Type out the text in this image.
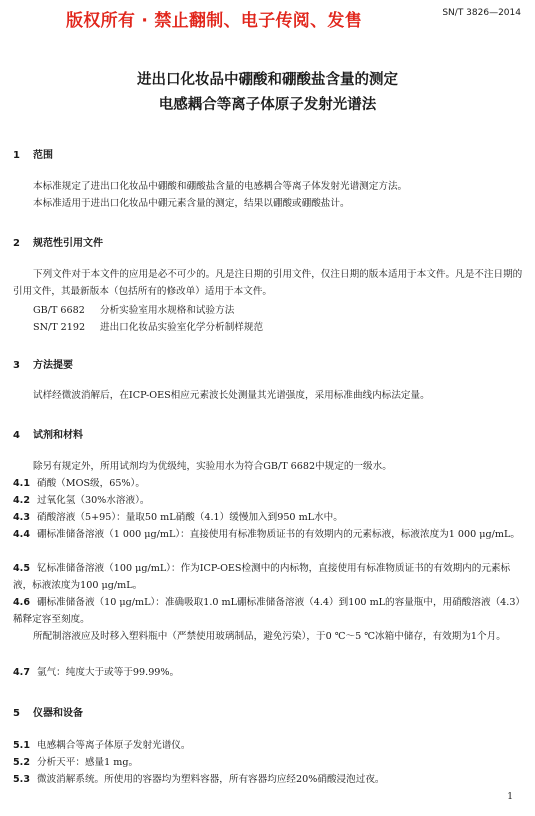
版权所有 · 禁止翻制、电子传阅、发售	SN/T 3826—2014
进出口化妆品中硼酸和硼酸盐含量的测定
电感耦合等离子体原子发射光谱法
1 范围
本标准规定了进出口化妆品中硼酸和硼酸盐含量的电感耦合等离子体发射光谱测定方法。
本标准适用于进出口化妆品中硼元素含量的测定，结果以硼酸或硼酸盐计。
2 规范性引用文件
下列文件对于本文件的应用是必不可少的。凡是注日期的引用文件，仅注日期的版本适用于本文件。凡是不注日期的引用文件，其最新版本（包括所有的修改单）适用于本文件。
GB/T 6682 分析实验室用水规格和试验方法
SN/T 2192 进出口化妆品实验室化学分析制样规范
3 方法提要
试样经微波消解后，在ICP-OES相应元素波长处测量其光谱强度，采用标准曲线内标法定量。
4 试剂和材料
除另有规定外，所用试剂均为优级纯，实验用水为符合GB/T 6682中规定的一级水。
4.1 硝酸（MOS级，65%）。
4.2 过氧化氢（30%水溶液）。
4.3 硝酸溶液（5+95）：量取50 mL硝酸（4.1）缓慢加入到950 mL水中。
4.4 硼标准储备溶液（1 000 μg/mL）：直接使用有标准物质证书的有效期内的元素标液，标液浓度为1 000 μg/mL。
4.5 钇标准储备溶液（100 μg/mL）：作为ICP-OES检测中的内标物，直接使用有标准物质证书的有效期内的元素标液，标液浓度为100 μg/mL。
4.6 硼标准储备液（10 μg/mL）：准确吸取1.0 mL硼标准储备溶液（4.4）到100 mL的容量瓶中，用硝酸溶液（4.3）稀释定容至刻度。
所配制溶液应及时移入塑料瓶中（严禁使用玻璃制品，避免污染），于0 ℃～5 ℃冰箱中储存，有效期为1个月。
4.7 氩气：纯度大于或等于99.99%。
5 仪器和设备
5.1 电感耦合等离子体原子发射光谱仪。
5.2 分析天平：感量1 mg。
5.3 微波消解系统。所使用的容器均为塑料容器，所有容器均应经20%硝酸浸泡过夜。
1
